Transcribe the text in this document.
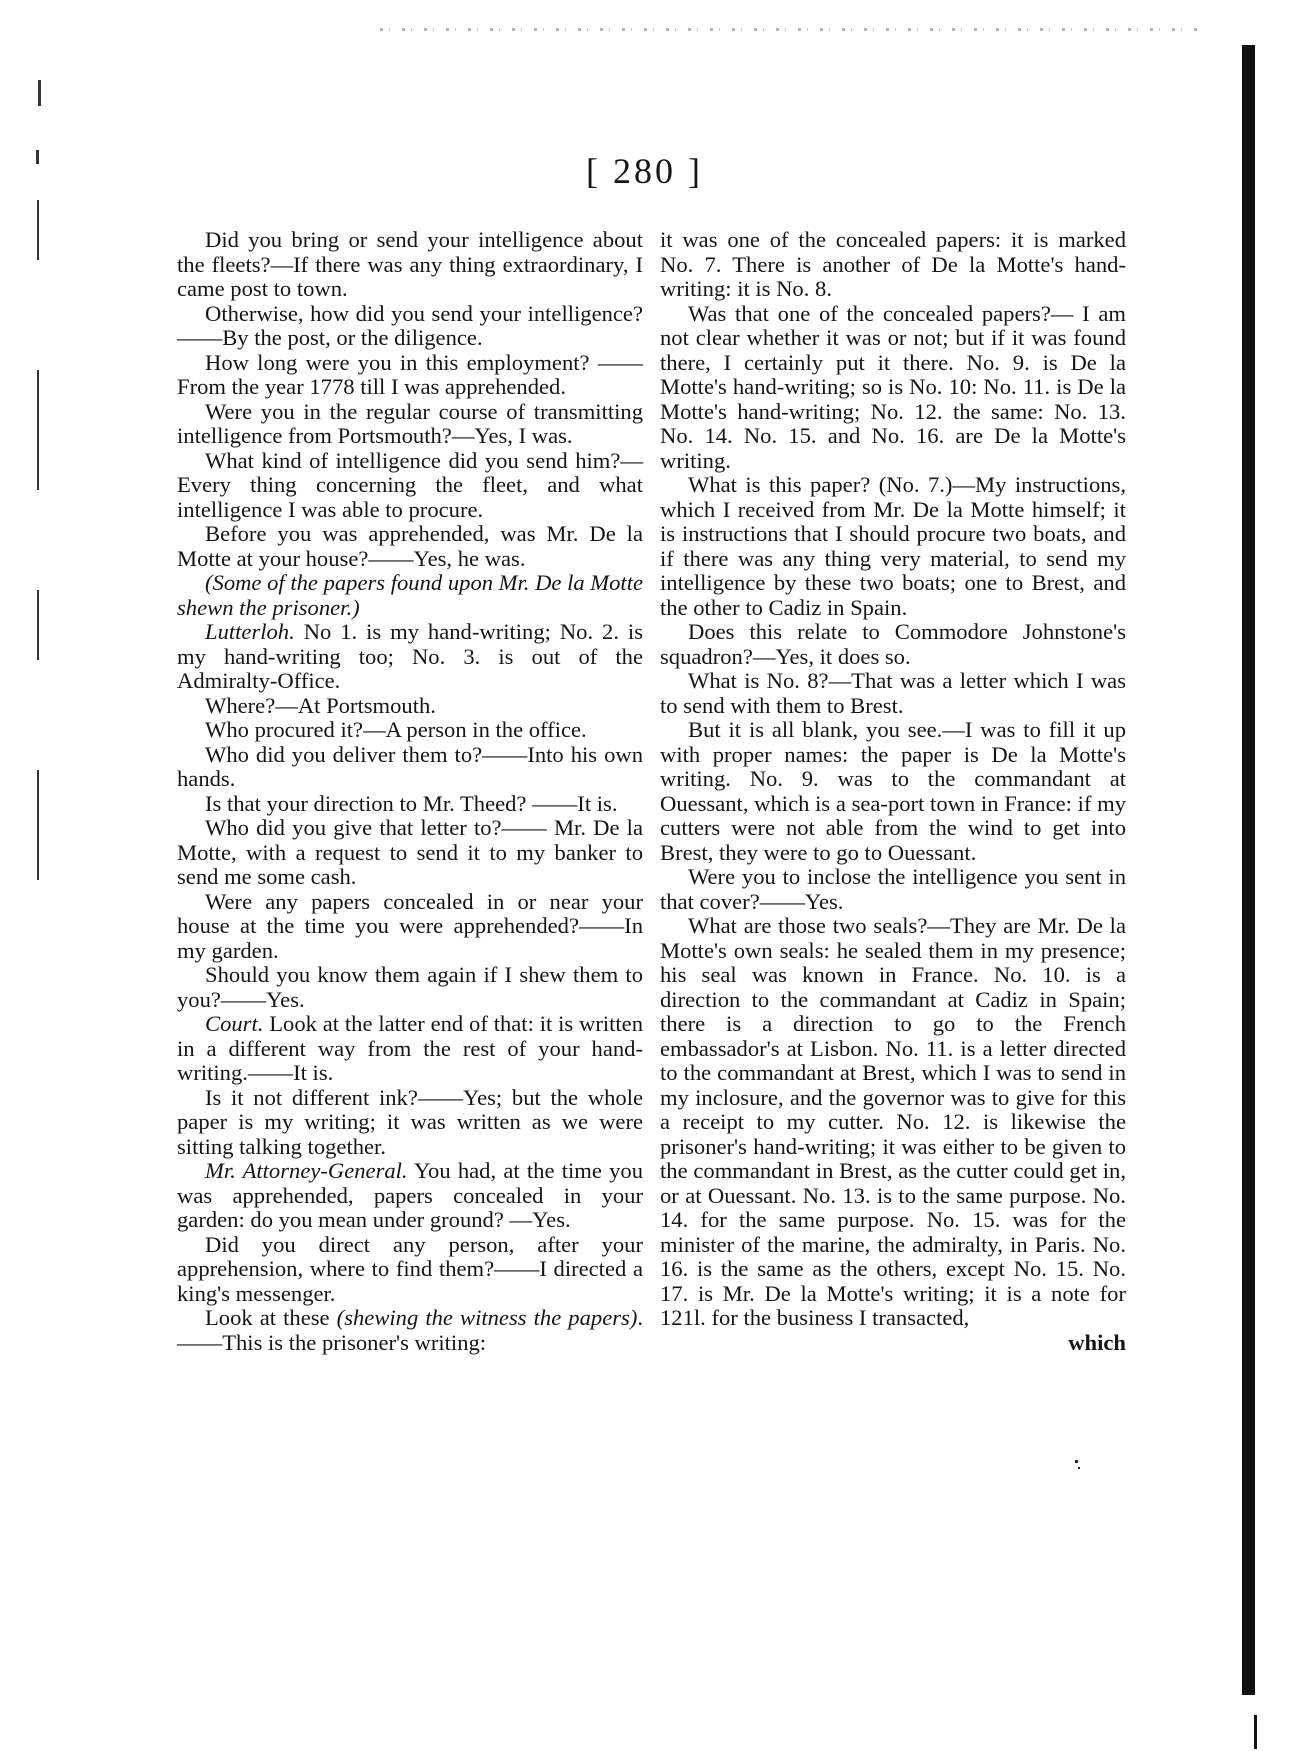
[ 280 ]

Did you bring or send your intelligence about the fleets?—If there was any thing extraordinary, I came post to town.

Otherwise, how did you send your intelligence?——By the post, or the diligence.

How long were you in this employment? ——From the year 1778 till I was apprehended.

Were you in the regular course of transmitting intelligence from Portsmouth?—Yes, I was.

What kind of intelligence did you send him?—Every thing concerning the fleet, and what intelligence I was able to procure.

Before you was apprehended, was Mr. De la Motte at your house?——Yes, he was.

(Some of the papers found upon Mr. De la Motte shewn the prisoner.)

Lutterloh. No 1. is my hand-writing; No. 2. is my hand-writing too; No. 3. is out of the Admiralty-Office.

Where?—At Portsmouth.

Who procured it?—A person in the office.

Who did you deliver them to?——Into his own hands.

Is that your direction to Mr. Theed? ——It is.

Who did you give that letter to?—— Mr. De la Motte, with a request to send it to my banker to send me some cash.

Were any papers concealed in or near your house at the time you were apprehended?——In my garden.

Should you know them again if I shew them to you?——Yes.

Court. Look at the latter end of that: it is written in a different way from the rest of your hand-writing.——It is.

Is it not different ink?——Yes; but the whole paper is my writing; it was written as we were sitting talking together.

Mr. Attorney-General. You had, at the time you was apprehended, papers concealed in your garden: do you mean under ground? —Yes.

Did you direct any person, after your apprehension, where to find them?——I directed a king's messenger.

Look at these (shewing the witness the papers).——This is the prisoner's writing:

it was one of the concealed papers: it is marked No. 7. There is another of De la Motte's hand-writing: it is No. 8.

Was that one of the concealed papers?— I am not clear whether it was or not; but if it was found there, I certainly put it there. No. 9. is De la Motte's hand-writing; so is No. 10: No. 11. is De la Motte's hand-writing; No. 12. the same: No. 13. No. 14. No. 15. and No. 16. are De la Motte's writing.

What is this paper? (No. 7.)—My instructions, which I received from Mr. De la Motte himself; it is instructions that I should procure two boats, and if there was any thing very material, to send my intelligence by these two boats; one to Brest, and the other to Cadiz in Spain.

Does this relate to Commodore Johnstone's squadron?—Yes, it does so.

What is No. 8?—That was a letter which I was to send with them to Brest.

But it is all blank, you see.—I was to fill it up with proper names: the paper is De la Motte's writing. No. 9. was to the commandant at Ouessant, which is a sea-port town in France: if my cutters were not able from the wind to get into Brest, they were to go to Ouessant.

Were you to inclose the intelligence you sent in that cover?——Yes.

What are those two seals?—They are Mr. De la Motte's own seals: he sealed them in my presence; his seal was known in France. No. 10. is a direction to the commandant at Cadiz in Spain; there is a direction to go to the French embassador's at Lisbon. No. 11. is a letter directed to the commandant at Brest, which I was to send in my inclosure, and the governor was to give for this a receipt to my cutter. No. 12. is likewise the prisoner's hand-writing; it was either to be given to the commandant in Brest, as the cutter could get in, or at Ouessant. No. 13. is to the same purpose. No. 14. for the same purpose. No. 15. was for the minister of the marine, the admiralty, in Paris. No. 16. is the same as the others, except No. 15. No. 17. is Mr. De la Motte's writing; it is a note for 121l. for the business I transacted,

which
